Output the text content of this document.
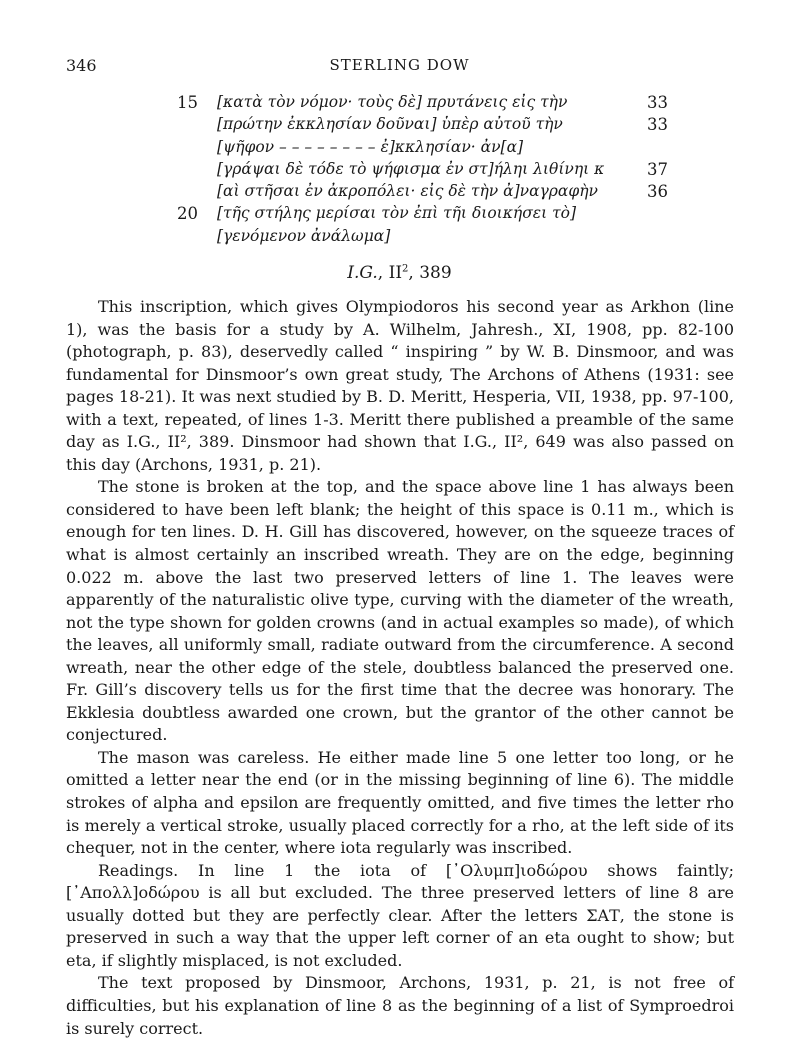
346	STERLING DOW
15 [κατὰ τὸν νόμον· τοὺς δὲ] πρυτάνεις εἰς τὴν	33
[πρώτην ἐκκλησίαν δοῦναι] ὑπὲρ αὐτοῦ τὴν	33
[ψῆφον – – – – – – – – ἐ]κκλησίαν· ἀν[α]
[γράψαι δὲ τόδε τὸ ψήφισμα ἐν στ]ήληι λιθίνηι κ	37
[αὶ στῆσαι ἐν ἀκροπόλει· εἰς δὲ τὴν ἀ]ναγραφὴν	36
20 [τῆς στήλης μερίσαι τὸν ἐπὶ τῆι διοικήσει τὸ]
[γενόμενον ἀνάλωμα]
I.G., $II^2$, 389

This inscription, which gives Olympiodoros his second year as Arkhon (line 1), was the basis for a study by A. Wilhelm, Jahresh., XI, 1908, pp. 82-100 (photograph, p. 83), deservedly called “ inspiring ” by W. B. Dinsmoor, and was fundamental for Dinsmoor’s own great study, The Archons of Athens (1931: see pages 18-21). It was next studied by B. D. Meritt, Hesperia, VII, 1938, pp. 97-100, with a text, repeated, of lines 1-3. Meritt there published a preamble of the same day as I.G., II², 389. Dinsmoor had shown that I.G., II², 649 was also passed on this day (Archons, 1931, p. 21).

The stone is broken at the top, and the space above line 1 has always been considered to have been left blank; the height of this space is 0.11 m., which is enough for ten lines. D. H. Gill has discovered, however, on the squeeze traces of what is almost certainly an inscribed wreath. They are on the edge, beginning 0.022 m. above the last two preserved letters of line 1. The leaves were apparently of the naturalistic olive type, curving with the diameter of the wreath, not the type shown for golden crowns (and in actual examples so made), of which the leaves, all uniformly small, radiate outward from the circumference. A second wreath, near the other edge of the stele, doubtless balanced the preserved one. Fr. Gill’s discovery tells us for the first time that the decree was honorary. The Ekklesia doubtless awarded one crown, but the grantor of the other cannot be conjectured.

The mason was careless. He either made line 5 one letter too long, or he omitted a letter near the end (or in the missing beginning of line 6). The middle strokes of alpha and epsilon are frequently omitted, and five times the letter rho is merely a vertical stroke, usually placed correctly for a rho, at the left side of its chequer, not in the center, where iota regularly was inscribed.

Readings. In line 1 the iota of [᾿Ολυμπ]ιοδώρου shows faintly; [᾿Απολλ]οδώρου is all but excluded. The three preserved letters of line 8 are usually dotted but they are perfectly clear. After the letters ΣΑΤ, the stone is preserved in such a way that the upper left corner of an eta ought to show; but eta, if slightly misplaced, is not excluded.

The text proposed by Dinsmoor, Archons, 1931, p. 21, is not free of difficulties, but his explanation of line 8 as the beginning of a list of Symproedroi is surely correct.
